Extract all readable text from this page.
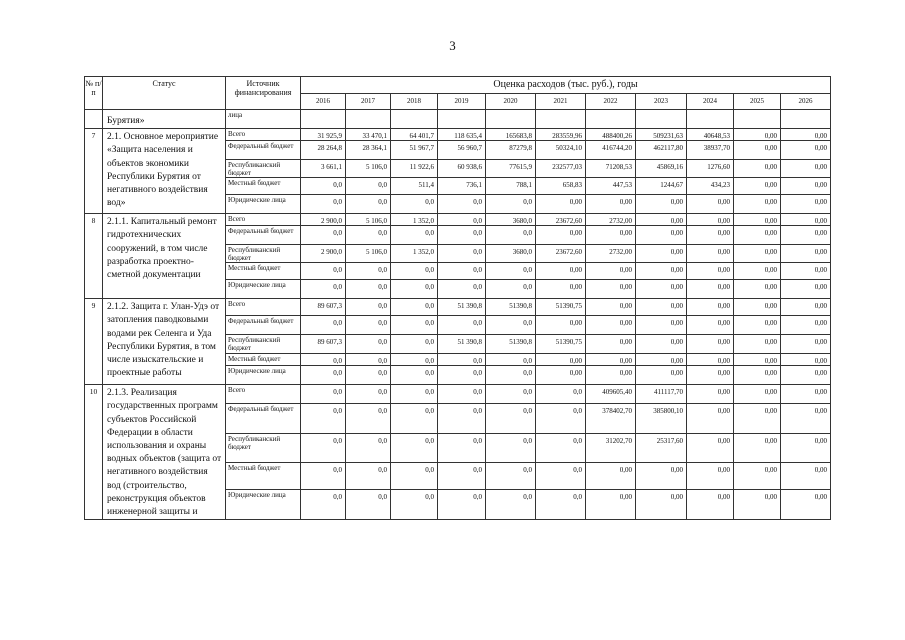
3
№ п/п	Статус	Источник финансирования	Оценка расходов (тыс. руб.), годы										
			2016	2017	2018	2019	2020	2021	2022	2023	2024	2025	2026
	Бурятия»	лица											
7	2.1. Основное мероприятие «Защита населения и объектов экономики Республики Бурятия от негативного воздействия вод»	Всего	31 925,9	33 470,1	64 401,7	118 635,4	165683,8	283559,96	488400,26	509231,63	40648,53	0,00	0,00
		Федеральный бюджет	28 264,8	28 364,1	51 967,7	56 960,7	87279,8	50324,10	416744,20	462117,80	38937,70	0,00	0,00
		Республиканский бюджет	3 661,1	5 106,0	11 922,6	60 938,6	77615,9	232577,03	71208,53	45869,16	1276,60	0,00	0,00
		Местный бюджет	0,0	0,0	511,4	736,1	788,1	658,83	447,53	1244,67	434,23	0,00	0,00
		Юридические лица	0,0	0,0	0,0	0,0	0,0	0,00	0,00	0,00	0,00	0,00	0,00
8	2.1.1. Капитальный ремонт гидротехнических сооружений, в том числе разработка проектно-сметной документации	Всего	2 900,0	5 106,0	1 352,0	0,0	3680,0	23672,60	2732,00	0,00	0,00	0,00	0,00
		Федеральный бюджет	0,0	0,0	0,0	0,0	0,0	0,00	0,00	0,00	0,00	0,00	0,00
		Республиканский бюджет	2 900,0	5 106,0	1 352,0	0,0	3680,0	23672,60	2732,00	0,00	0,00	0,00	0,00
		Местный бюджет	0,0	0,0	0,0	0,0	0,0	0,00	0,00	0,00	0,00	0,00	0,00
		Юридические лица	0,0	0,0	0,0	0,0	0,0	0,00	0,00	0,00	0,00	0,00	0,00
9	2.1.2. Защита г. Улан-Удэ от затопления паводковыми водами рек Селенга и Уда Республики Бурятия, в том числе изыскательские и проектные работы	Всего	89 607,3	0,0	0,0	51 390,8	51390,8	51390,75	0,00	0,00	0,00	0,00	0,00
		Федеральный бюджет	0,0	0,0	0,0	0,0	0,0	0,00	0,00	0,00	0,00	0,00	0,00
		Республиканский бюджет	89 607,3	0,0	0,0	51 390,8	51390,8	51390,75	0,00	0,00	0,00	0,00	0,00
		Местный бюджет	0,0	0,0	0,0	0,0	0,0	0,00	0,00	0,00	0,00	0,00	0,00
		Юридические лица	0,0	0,0	0,0	0,0	0,0	0,00	0,00	0,00	0,00	0,00	0,00
10	2.1.3. Реализация государственных программ субъектов Российской Федерации в области использования и охраны водных объектов (защита от негативного воздействия вод (строительство, реконструкция объектов инженерной защиты и	Всего	0,0	0,0	0,0	0,0	0,0	0,0	409605,40	411117,70	0,00	0,00	0,00
		Федеральный бюджет	0,0	0,0	0,0	0,0	0,0	0,0	378402,70	385800,10	0,00	0,00	0,00
		Республиканский бюджет	0,0	0,0	0,0	0,0	0,0	0,0	31202,70	25317,60	0,00	0,00	0,00
		Местный бюджет	0,0	0,0	0,0	0,0	0,0	0,0	0,00	0,00	0,00	0,00	0,00
		Юридические лица	0,0	0,0	0,0	0,0	0,0	0,0	0,00	0,00	0,00	0,00	0,00
